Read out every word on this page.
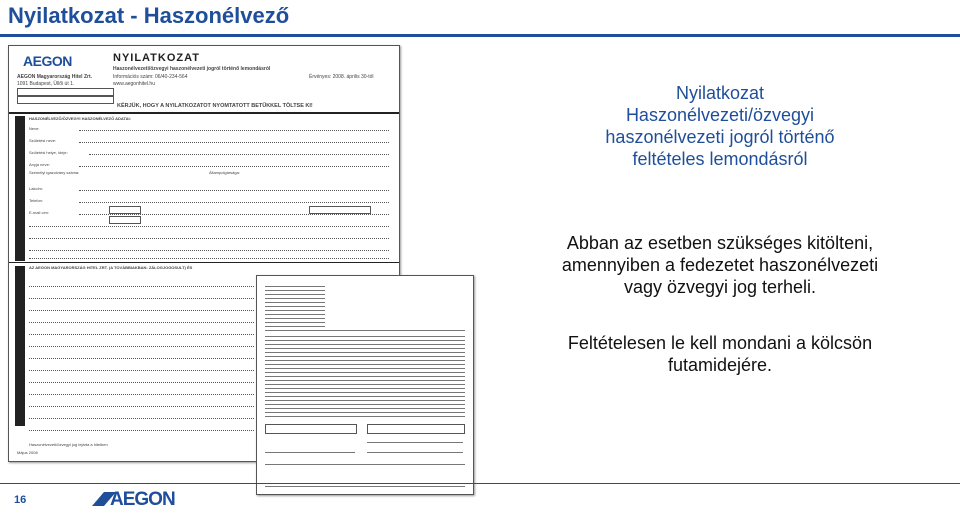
Nyilatkozat - Haszonélvező
AEGON	NYILATKOZAT
Haszonélvezeti/özvegyi haszonélvezeti jogról történő lemondásról
AEGON Magyarország Hitel Zrt.
1091 Budapest, Üllői út 1.
Információs szám: 06/40-234-564
www.aegonhitel.hu
Érvényes: 2008. április 30-tól
KÉRJÜK, HOGY A NYILATKOZATOT NYOMTATOTT BETŰKKEL TÖLTSE KI!
HASZONÉLVEZŐ/ÖZVEGYI HASZONÉLVEZŐ ADATAI:
Neve:
Születési neve:
Születési helye, ideje:
Anyja neve:
Személyi igazolvány száma:	Állampolgársága:
Lakcím:
Telefon:
E-mail cím:
AZ AEGON MAGYARORSZÁG HITEL ZRT. (A TOVÁBBIAKBAN: ZÁLOGJOGOSULT) ÉS
Haszonélvezeti/özvegyi jog lejárta a hitelben
Május 2008
Nyilatkozat
Haszonélvezeti/özvegyi
haszonélvezeti jogról történő
feltételes lemondásról
Abban az esetben szükséges kitölteni,
amennyiben a fedezetet haszonélvezeti
vagy özvegyi jog terheli.
Feltételesen le kell mondani a kölcsön
futamidejére.
16	AEGON
